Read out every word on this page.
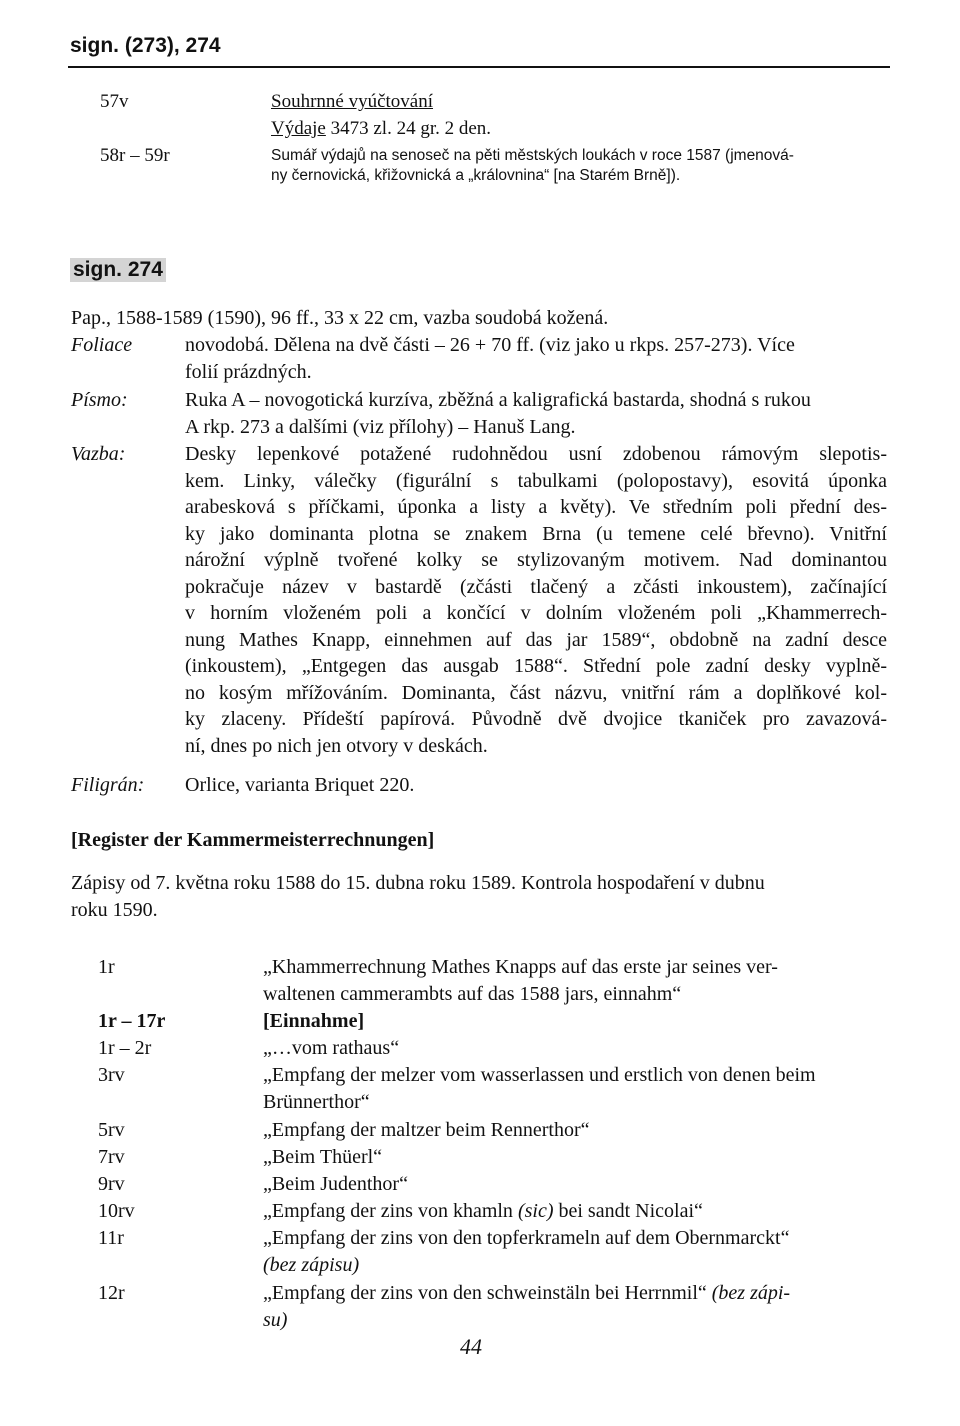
sign. (273), 274
57v	Souhrnné vyúčtování
Výdaje 3473 zl. 24 gr. 2 den.
58r – 59r	Sumář výdajů na senoseč na pěti městských loukách v roce 1587 (jmenová-
ny černovická, křižovnická a „královnina“ [na Starém Brně]).
sign. 274
Pap., 1588-1589 (1590), 96 ff., 33 x 22 cm, vazba soudobá kožená.
Foliace	novodobá. Dělena na dvě části – 26 + 70 ff. (viz jako u rkps. 257-273). Více
folií prázdných.
Písmo:	Ruka A – novogotická kurzíva, zběžná a kaligrafická bastarda, shodná s rukou
A rkp. 273 a dalšími (viz přílohy) – Hanuš Lang.
Vazba:	Desky lepenkové potažené rudohnědou usní zdobenou rámovým slepotis-
kem. Linky, válečky (figurální s tabulkami (polopostavy), esovitá úponka
arabesková s příčkami, úponka a listy a květy). Ve středním poli přední des-
ky jako dominanta plotna se znakem Brna (u temene celé břevno). Vnitřní
nárožní výplně tvořené kolky se stylizovaným motivem. Nad dominantou
pokračuje název v bastardě (zčásti tlačený a zčásti inkoustem), začínající
v horním vloženém poli a končící v dolním vloženém poli „Khammerrech-
nung Mathes Knapp, einnehmen auf das jar 1589“, obdobně na zadní desce
(inkoustem), „Entgegen das ausgab 1588“. Střední pole zadní desky vyplně-
no kosým mřížováním. Dominanta, část názvu, vnitřní rám a doplňkové kol-
ky zlaceny. Přídeští papírová. Původně dvě dvojice tkaniček pro zavazová-
ní, dnes po nich jen otvory v deskách.
Filigrán: Orlice, varianta Briquet 220.
[Register der Kammermeisterrechnungen]
Zápisy od 7. května roku 1588 do 15. dubna roku 1589. Kontrola hospodaření v dubnu
roku 1590.
1r	„Khammerrechnung Mathes Knapps auf das erste jar seines ver-
waltenen cammerambts auf das 1588 jars, einnahm“
1r – 17r	[Einnahme]
1r – 2r	„…vom rathaus“
3rv	„Empfang der melzer vom wasserlassen und erstlich von denen beim
Brünnerthor“
5rv	„Empfang der maltzer beim Rennerthor“
7rv	„Beim Thüerl“
9rv	„Beim Judenthor“
10rv	„Empfang der zins von khamln (sic) bei sandt Nicolai“
11r	„Empfang der zins von den topferkrameln auf dem Obernmarckt“
(bez zápisu)
12r	„Empfang der zins von den schweinstäln bei Herrnmil“ (bez zápi-
su)
44
